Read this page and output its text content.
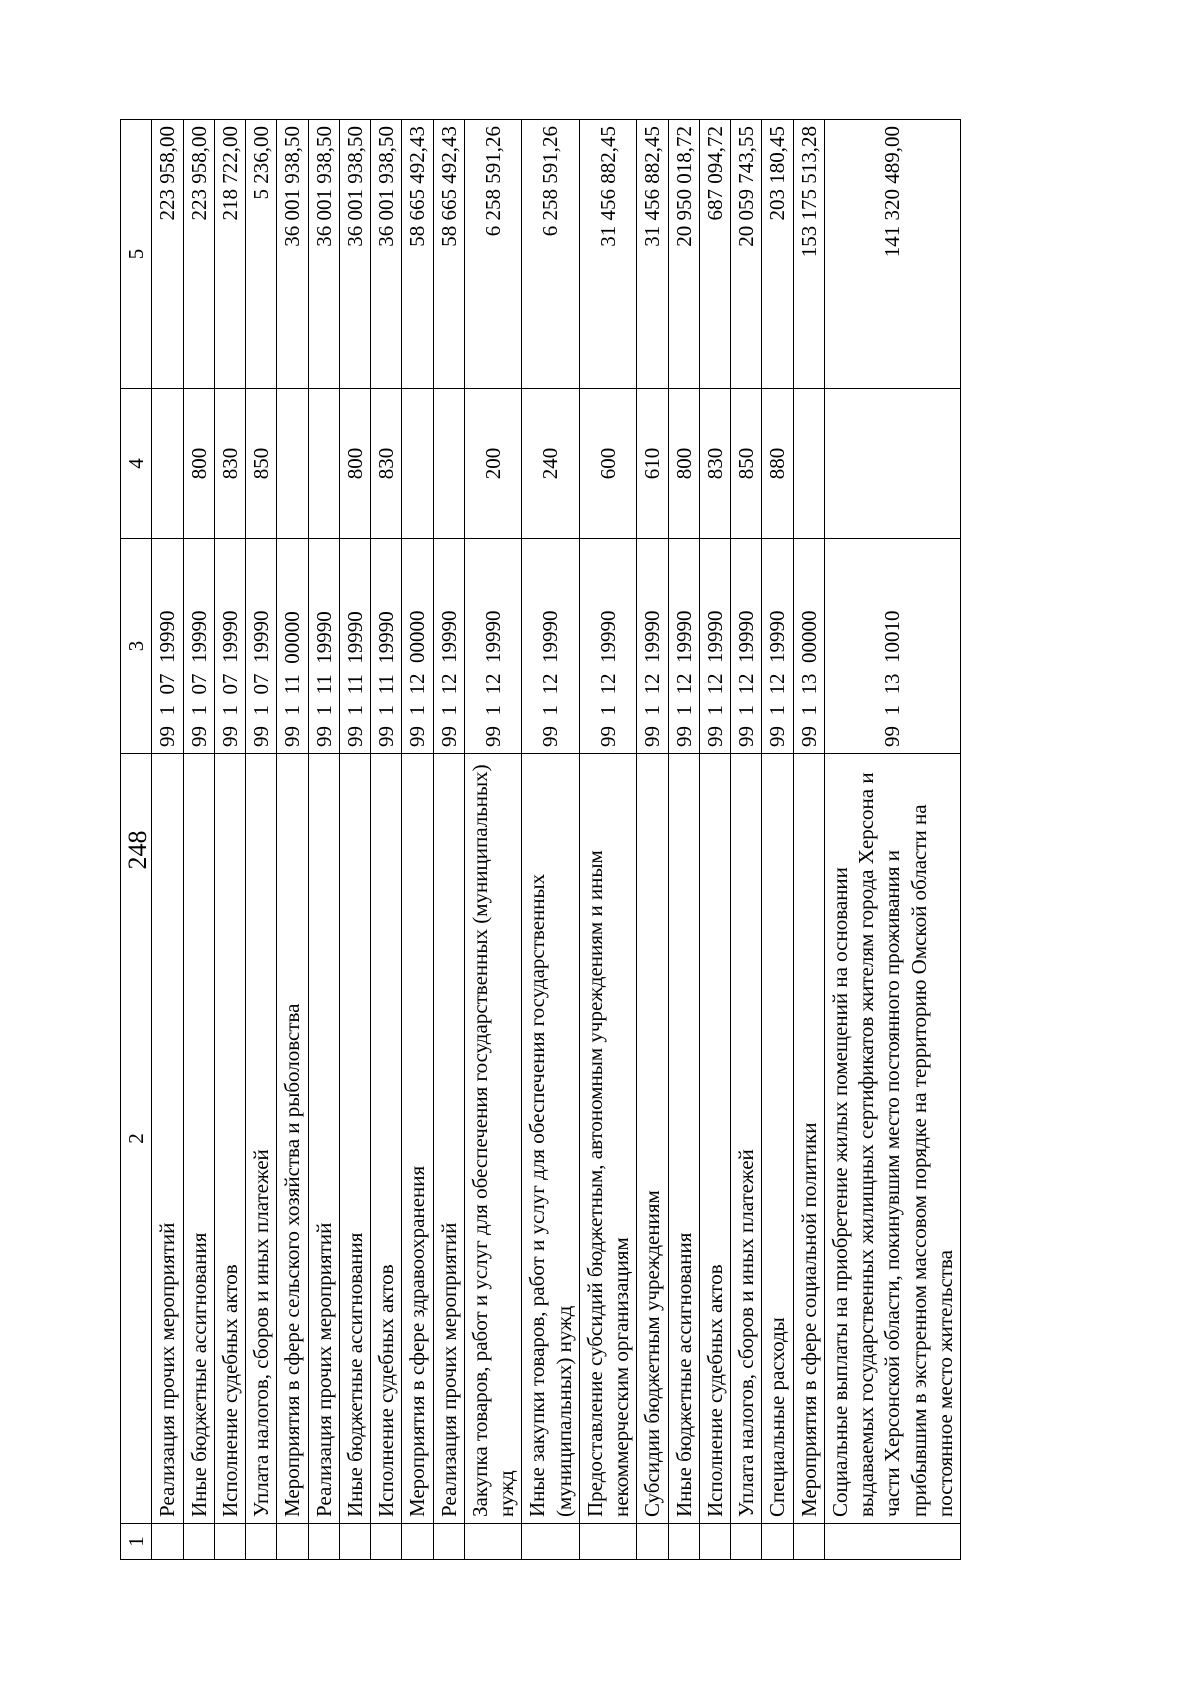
248
1	2	3	4	5
	Реализация прочих мероприятий	99  1  07  19990		223 958,00
	Иные бюджетные ассигнования	99  1  07  19990	800	223 958,00
	Исполнение судебных актов	99  1  07  19990	830	218 722,00
	Уплата налогов, сборов и иных платежей	99  1  07  19990	850	5 236,00
	Мероприятия в сфере сельского хозяйства и рыболовства	99  1  11  00000		36 001 938,50
	Реализация прочих мероприятий	99  1  11  19990		36 001 938,50
	Иные бюджетные ассигнования	99  1  11  19990	800	36 001 938,50
	Исполнение судебных актов	99  1  11  19990	830	36 001 938,50
	Мероприятия в сфере здравоохранения	99  1  12  00000		58 665 492,43
	Реализация прочих мероприятий	99  1  12  19990		58 665 492,43
	Закупка товаров, работ и услуг для обеспечения государственных (муниципальных) нужд	99  1  12  19990	200	6 258 591,26
	Иные закупки товаров, работ и услуг для обеспечения государственных (муниципальных) нужд	99  1  12  19990	240	6 258 591,26
	Предоставление субсидий бюджетным, автономным учреждениям и иным некоммерческим организациям	99  1  12  19990	600	31 456 882,45
	Субсидии бюджетным учреждениям	99  1  12  19990	610	31 456 882,45
	Иные бюджетные ассигнования	99  1  12  19990	800	20 950 018,72
	Исполнение судебных актов	99  1  12  19990	830	687 094,72
	Уплата налогов, сборов и иных платежей	99  1  12  19990	850	20 059 743,55
	Специальные расходы	99  1  12  19990	880	203 180,45
	Мероприятия в сфере социальной политики	99  1  13  00000		153 175 513,28
	Социальные выплаты на приобретение жилых помещений на основании выдаваемых государственных жилищных сертификатов жителям города Херсона и части Херсонской области, покинувшим место постоянного проживания и прибывшим в экстренном массовом порядке на территорию Омской области на постоянное место жительства	99  1  13  10010		141 320 489,00
